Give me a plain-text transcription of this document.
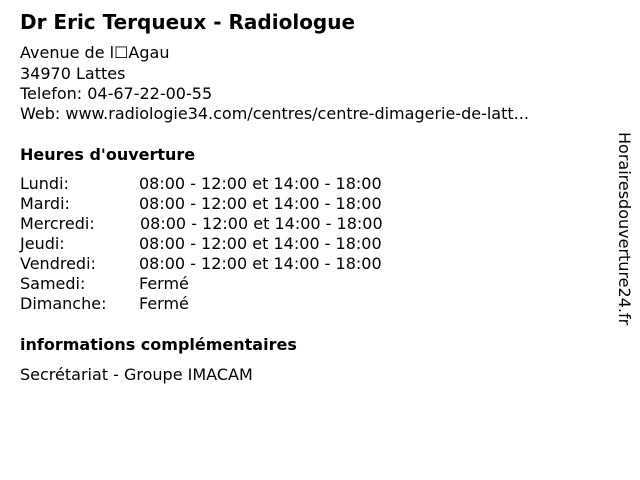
Dr Eric Terqueux - Radiologue
Avenue de l☐Agau
34970 Lattes
Telefon: 04-67-22-00-55
Web: www.radiologie34.com/centres/centre-dimagerie-de-latt...
Heures d'ouverture
Lundi:	08:00 - 12:00 et 14:00 - 18:00
Mardi:	08:00 - 12:00 et 14:00 - 18:00
Mercredi:	08:00 - 12:00 et 14:00 - 18:00
Jeudi:	08:00 - 12:00 et 14:00 - 18:00
Vendredi:	08:00 - 12:00 et 14:00 - 18:00
Samedi:	Fermé
Dimanche: Fermé
informations complémentaires
Secrétariat - Groupe IMACAM
Horairesdouverture24.fr
